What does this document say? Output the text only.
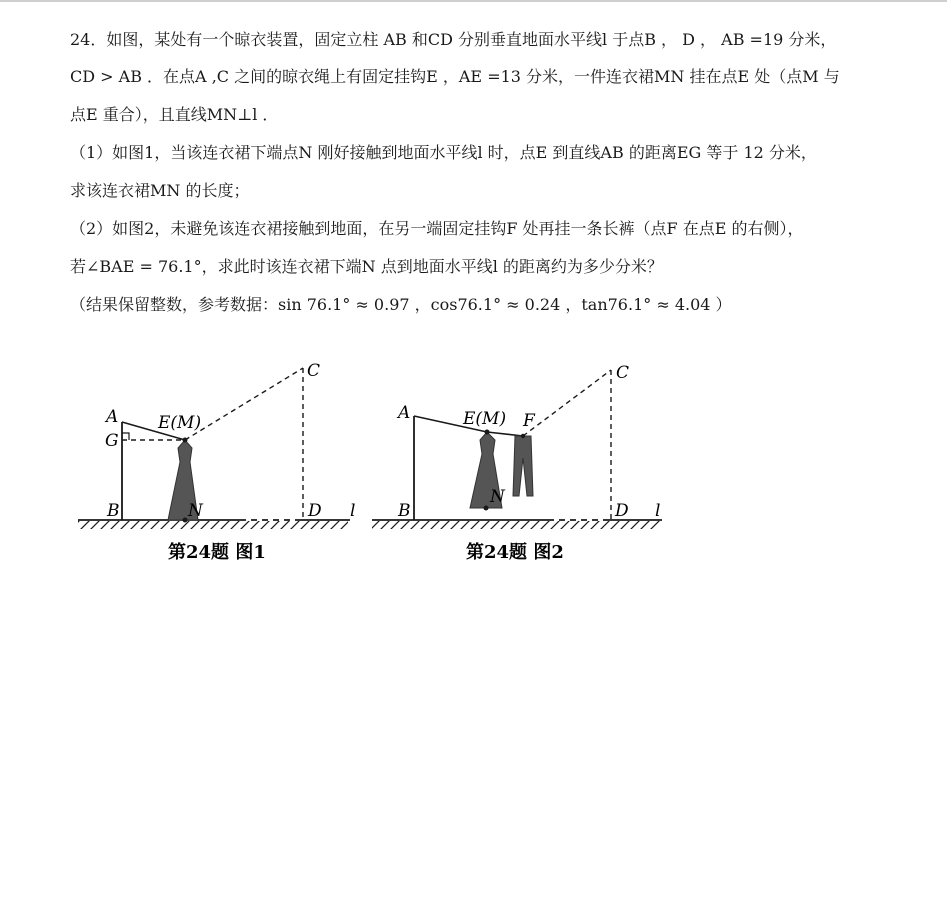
24．如图，某处有一个晾衣装置，固定立柱 AB 和CD 分别垂直地面水平线l 于点B ， D ， AB =19 分米，
CD > AB ．在点A ,C 之间的晾衣绳上有固定挂钩E ，AE =13 分米，一件连衣裙MN 挂在点E 处（点M 与
点E 重合），且直线MN⊥l ．
（1）如图1，当该连衣裙下端点N 刚好接触到地面水平线l 时，点E 到直线AB 的距离EG 等于 12 分米，
求该连衣裙MN 的长度；
（2）如图2，未避免该连衣裙接触到地面，在另一端固定挂钩F 处再挂一条长裤（点F 在点E 的右侧），
若∠BAE = 76.1°，求此时该连衣裙下端N 点到地面水平线l 的距离约为多少分米？
（结果保留整数，参考数据：sin 76.1° ≈ 0.97 ，cos76.1° ≈ 0.24 ，tan76.1° ≈ 4.04 ）
A
G
B
E(M)
N
C
D l
第24题 图1
A
B
E(M) F
N
C
D l
第24题 图2
